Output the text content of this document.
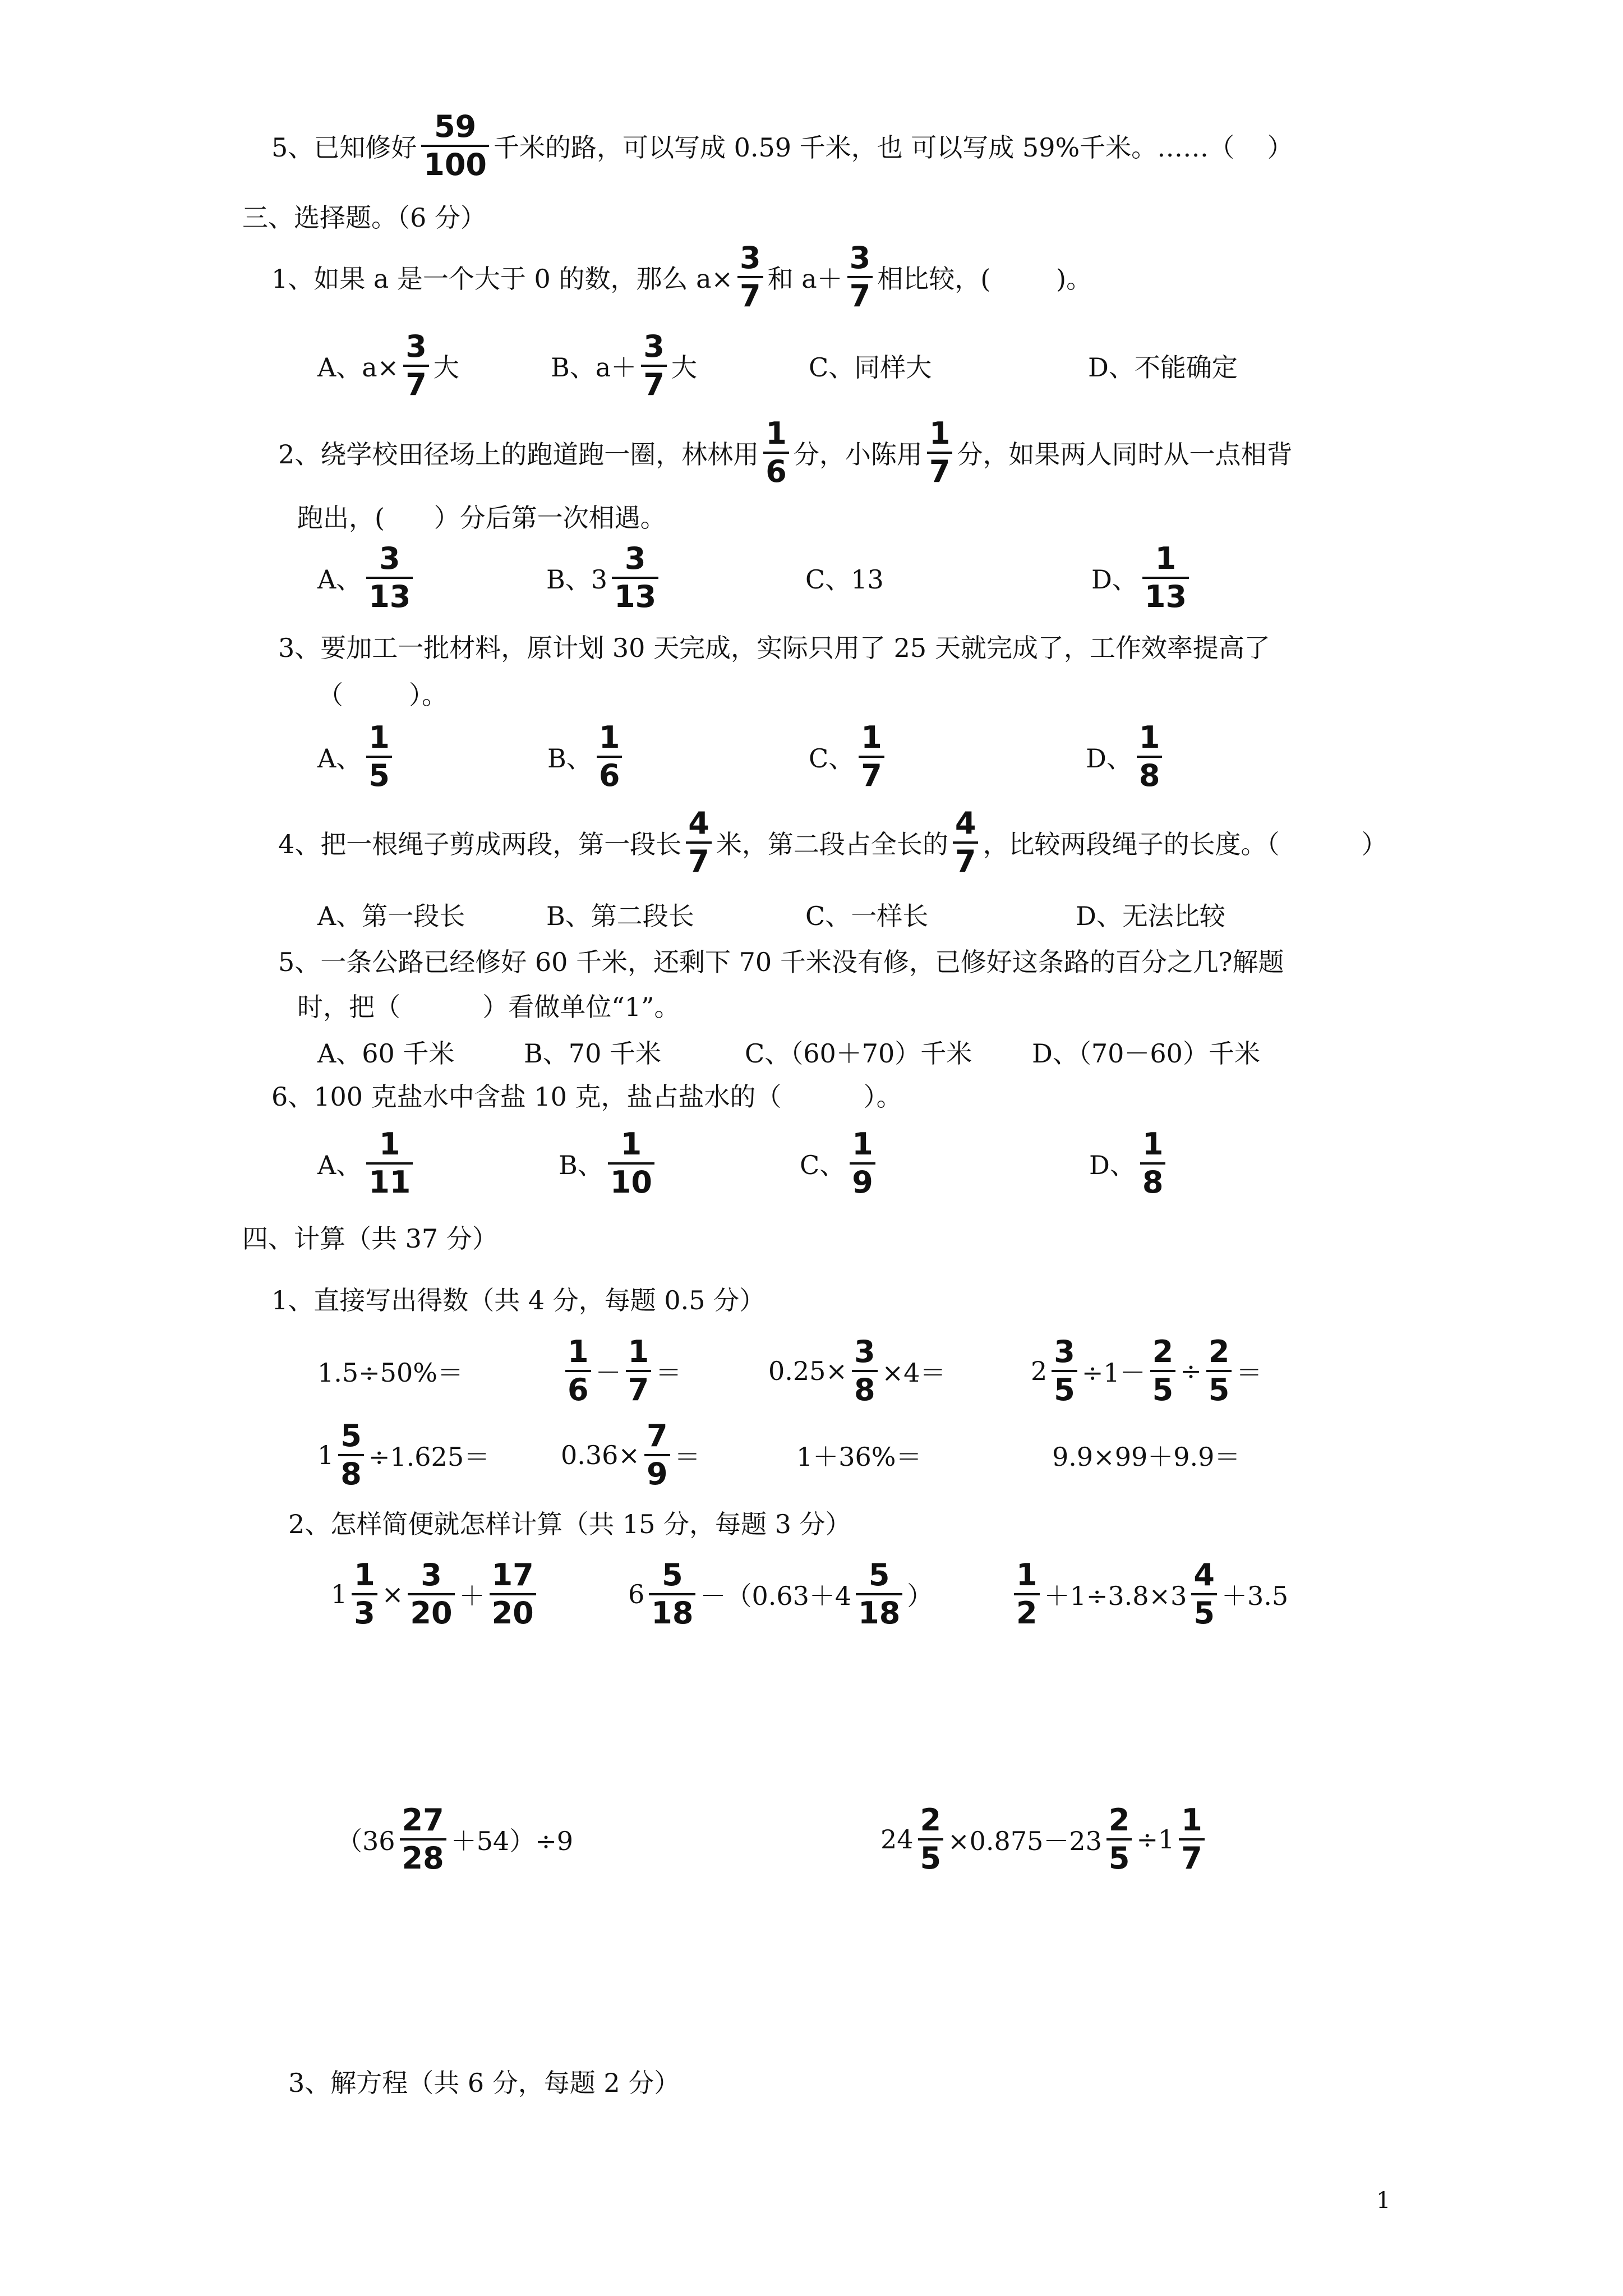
5、已知修好 $\frac{59}{100}$ 千米的路，可以写成 0.59 千米，也 可以写成 59%千米。……（    ）
三、选择题。（6 分）
1、如果 a 是一个大于 0 的数，那么 $a\times \frac{3}{7}$ 和 $a+ \frac{3}{7}$ 相比较，(        )。
A、$a\times \frac{3}{7}$ 大	B、$a+ \frac{3}{7}$ 大	C、同样大	D、不能确定
2、绕学校田径场上的跑道跑一圈，林林用 $\frac{1}{6}$ 分，小陈用 $\frac{1}{7}$ 分，如果两人同时从一点相背
跑出，(      ）分后第一次相遇。
A、 $\frac{3}{13}$	B、$3 \frac{3}{13}$	C、13	D、 $\frac{1}{13}$
3、要加工一批材料，原计划 30 天完成，实际只用了 25 天就完成了，工作效率提高了
（        ）。
A、 $\frac{1}{5}$	B、 $\frac{1}{6}$	C、 $\frac{1}{7}$	D、 $\frac{1}{8}$
4、把一根绳子剪成两段，第一段长 $\frac{4}{7}$ 米，第二段占全长的 $\frac{4}{7}$ ，比较两段绳子的长度。（          ）
A、第一段长	B、第二段长	C、一样长	D、无法比较
5、一条公路已经修好 60 千米，还剩下 70 千米没有修，已修好这条路的百分之几?解题
时，把（          ）看做单位“1”。
A、60 千米	B、70 千米	C、（60＋70）千米 D、（70－60）千米
6、100 克盐水中含盐 10 克，盐占盐水的（          ）。
A、 $\frac{1}{11}$	B、 $\frac{1}{10}$	C、 $\frac{1}{9}$	D、 $\frac{1}{8}$
四、计算（共 37 分）
1、直接写出得数（共 4 分，每题 0.5 分）
1.5÷50%＝	$\frac{1}{6} - \frac{1}{7}$ ＝	$0.25\times \frac{3}{8} \times 4=$	$2 \frac{3}{5} \div 1- \frac{2}{5} \div \frac{2}{5}$ ＝
$1 \frac{5}{8} \div 1.625=$	$0.36\times \frac{7}{9}$ ＝	1＋36%＝	9.9×99＋9.9＝
2、怎样简便就怎样计算（共 15 分，每题 3 分）
$1 \frac{1}{3} \times \frac{3}{20} + \frac{17}{20}$	$6 \frac{5}{18} -(0.63+4 \frac{5}{18}$ ）	$\frac{1}{2} +1\div 3.8\times 3 \frac{4}{5} +3.5$
$(36 \frac{27}{28} +54)\div 9$	$24 \frac{2}{5} \times 0.875-23 \frac{2}{5} \div 1 \frac{1}{7}$
3、解方程（共 6 分，每题 2 分）
1
